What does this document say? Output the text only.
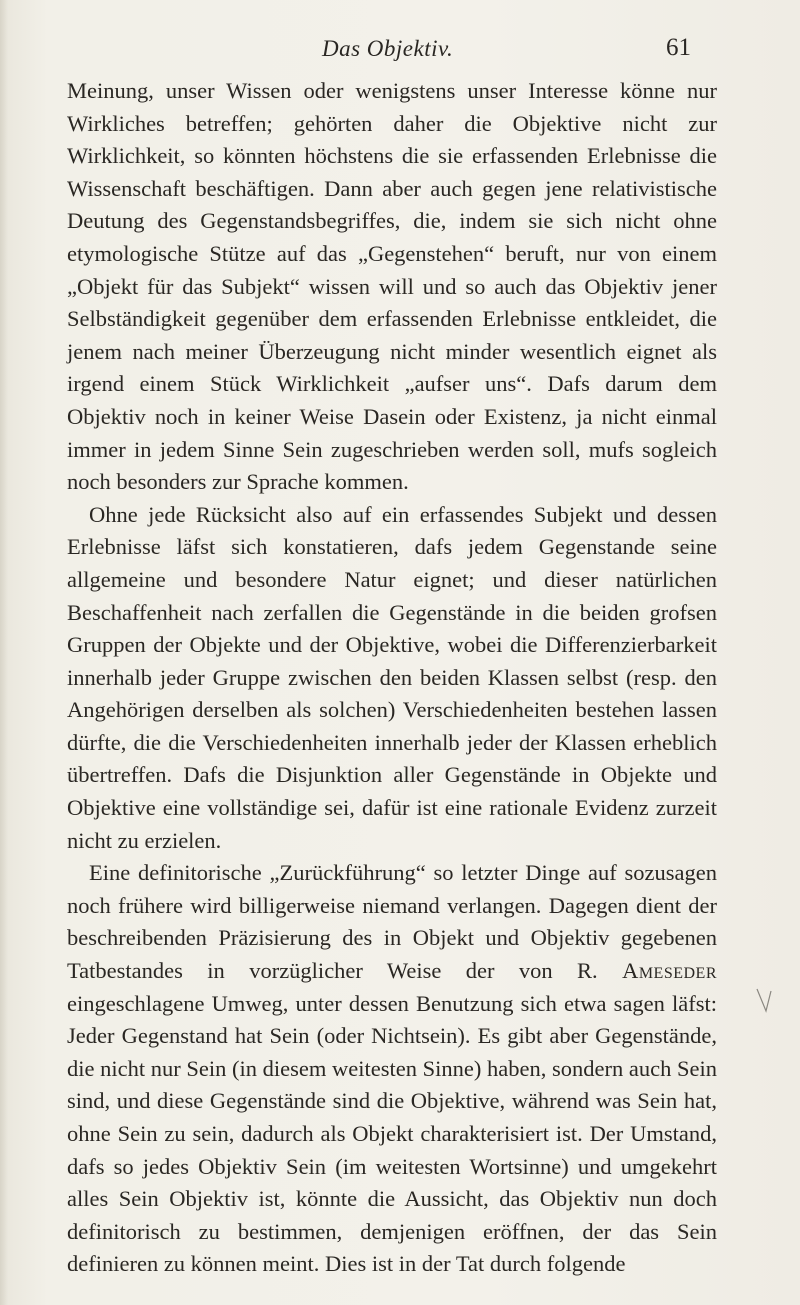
Das Objektiv.	61

Meinung, unser Wissen oder wenigstens unser Interesse könne nur Wirkliches betreffen; gehörten daher die Objektive nicht zur Wirklichkeit, so könnten höchstens die sie erfassenden Erlebnisse die Wissenschaft beschäftigen. Dann aber auch gegen jene relativistische Deutung des Gegenstandsbegriffes, die, indem sie sich nicht ohne etymologische Stütze auf das „Gegenstehen“ beruft, nur von einem „Objekt für das Subjekt“ wissen will und so auch das Objektiv jener Selbständigkeit gegenüber dem erfassenden Erlebnisse entkleidet, die jenem nach meiner Überzeugung nicht minder wesentlich eignet als irgend einem Stück Wirklichkeit „aufser uns“. Dafs darum dem Objektiv noch in keiner Weise Dasein oder Existenz, ja nicht einmal immer in jedem Sinne Sein zugeschrieben werden soll, mufs sogleich noch besonders zur Sprache kommen.

Ohne jede Rücksicht also auf ein erfassendes Subjekt und dessen Erlebnisse läfst sich konstatieren, dafs jedem Gegenstande seine allgemeine und besondere Natur eignet; und dieser natürlichen Beschaffenheit nach zerfallen die Gegenstände in die beiden grofsen Gruppen der Objekte und der Objektive, wobei die Differenzierbarkeit innerhalb jeder Gruppe zwischen den beiden Klassen selbst (resp. den Angehörigen derselben als solchen) Verschiedenheiten bestehen lassen dürfte, die die Verschiedenheiten innerhalb jeder der Klassen erheblich übertreffen. Dafs die Disjunktion aller Gegenstände in Objekte und Objektive eine vollständige sei, dafür ist eine rationale Evidenz zurzeit nicht zu erzielen.

Eine definitorische „Zurückführung“ so letzter Dinge auf sozusagen noch frühere wird billigerweise niemand verlangen. Dagegen dient der beschreibenden Präzisierung des in Objekt und Objektiv gegebenen Tatbestandes in vorzüglicher Weise der von R. Ameseder eingeschlagene Umweg, unter dessen Benutzung sich etwa sagen läfst: Jeder Gegenstand hat Sein (oder Nichtsein). Es gibt aber Gegenstände, die nicht nur Sein (in diesem weitesten Sinne) haben, sondern auch Sein sind, und diese Gegenstände sind die Objektive, während was Sein hat, ohne Sein zu sein, dadurch als Objekt charakterisiert ist. Der Umstand, dafs so jedes Objektiv Sein (im weitesten Wortsinne) und umgekehrt alles Sein Objektiv ist, könnte die Aussicht, das Objektiv nun doch definitorisch zu bestimmen, demjenigen eröffnen, der das Sein definieren zu können meint. Dies ist in der Tat durch folgende
